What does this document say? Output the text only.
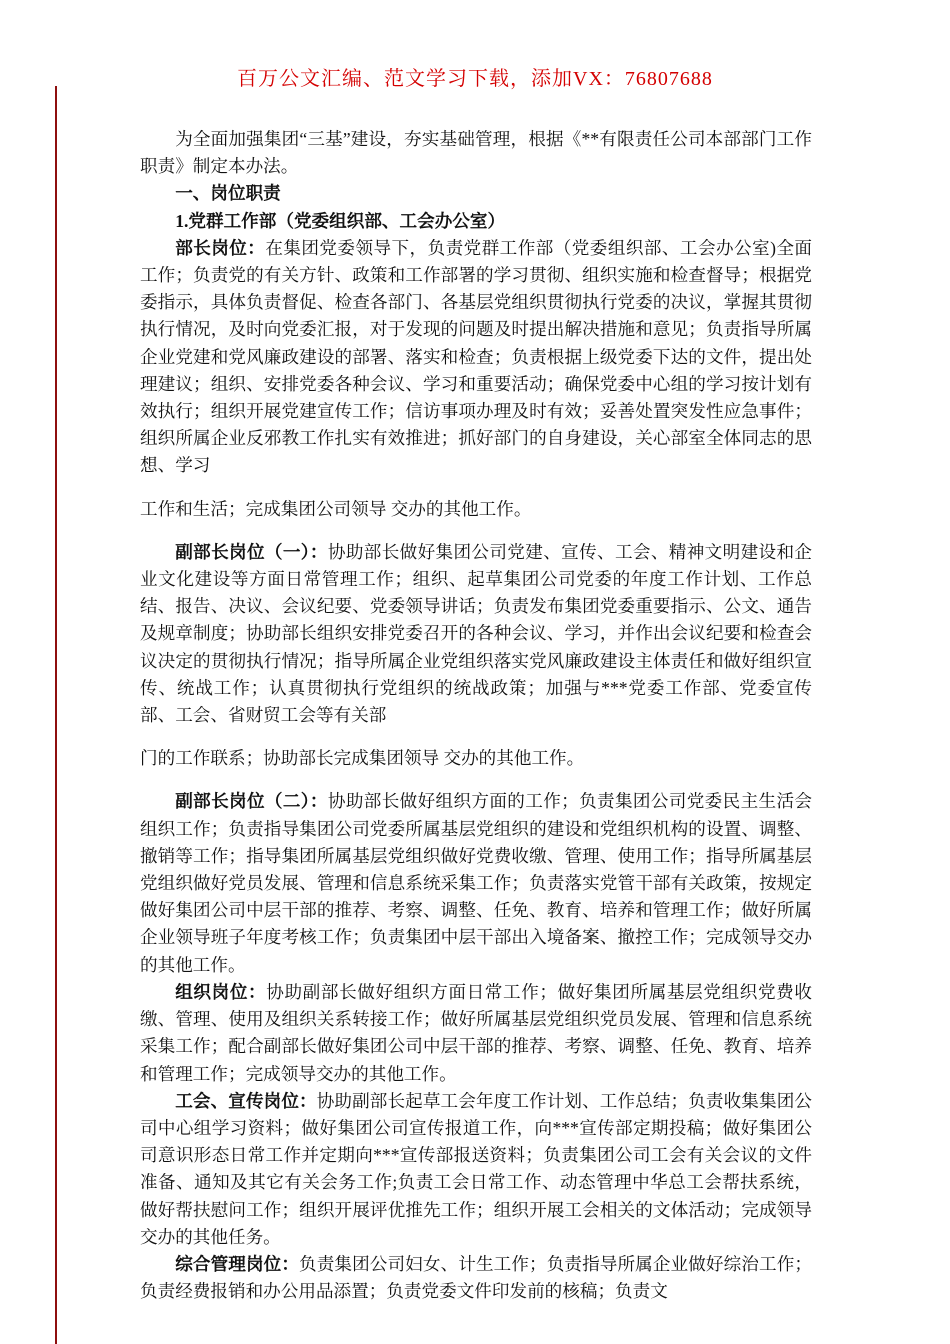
百万公文汇编、范文学习下载，添加VX：76807688

为全面加强集团“三基”建设，夯实基础管理，根据《**有限责任公司本部部门工作职责》制定本办法。

一、岗位职责

1.党群工作部（党委组织部、工会办公室）

部长岗位：在集团党委领导下，负责党群工作部（党委组织部、工会办公室)全面工作；负责党的有关方针、政策和工作部署的学习贯彻、组织实施和检查督导；根据党委指示，具体负责督促、检查各部门、各基层党组织贯彻执行党委的决议，掌握其贯彻执行情况，及时向党委汇报，对于发现的问题及时提出解决措施和意见；负责指导所属企业党建和党风廉政建设的部署、落实和检查；负责根据上级党委下达的文件，提出处理建议；组织、安排党委各种会议、学习和重要活动；确保党委中心组的学习按计划有效执行；组织开展党建宣传工作；信访事项办理及时有效；妥善处置突发性应急事件；组织所属企业反邪教工作扎实有效推进；抓好部门的自身建设，关心部室全体同志的思想、学习

工作和生活；完成集团公司领导 交办的其他工作。

副部长岗位（一）：协助部长做好集团公司党建、宣传、工会、精神文明建设和企业文化建设等方面日常管理工作；组织、起草集团公司党委的年度工作计划、工作总结、报告、决议、会议纪要、党委领导讲话；负责发布集团党委重要指示、公文、通告及规章制度；协助部长组织安排党委召开的各种会议、学习，并作出会议纪要和检查会议决定的贯彻执行情况；指导所属企业党组织落实党风廉政建设主体责任和做好组织宣传、统战工作；认真贯彻执行党组织的统战政策；加强与***党委工作部、党委宣传部、工会、省财贸工会等有关部

门的工作联系；协助部长完成集团领导 交办的其他工作。

副部长岗位（二）：协助部长做好组织方面的工作；负责集团公司党委民主生活会组织工作；负责指导集团公司党委所属基层党组织的建设和党组织机构的设置、调整、撤销等工作；指导集团所属基层党组织做好党费收缴、管理、使用工作；指导所属基层党组织做好党员发展、管理和信息系统采集工作；负责落实党管干部有关政策，按规定做好集团公司中层干部的推荐、考察、调整、任免、教育、培养和管理工作；做好所属企业领导班子年度考核工作；负责集团中层干部出入境备案、撤控工作；完成领导交办的其他工作。

组织岗位：协助副部长做好组织方面日常工作；做好集团所属基层党组织党费收缴、管理、使用及组织关系转接工作；做好所属基层党组织党员发展、管理和信息系统采集工作；配合副部长做好集团公司中层干部的推荐、考察、调整、任免、教育、培养和管理工作；完成领导交办的其他工作。

工会、宣传岗位：协助副部长起草工会年度工作计划、工作总结；负责收集集团公司中心组学习资料；做好集团公司宣传报道工作，向***宣传部定期投稿；做好集团公司意识形态日常工作并定期向***宣传部报送资料；负责集团公司工会有关会议的文件准备、通知及其它有关会务工作;负责工会日常工作、动态管理中华总工会帮扶系统，做好帮扶慰问工作；组织开展评优推先工作；组织开展工会相关的文体活动；完成领导交办的其他任务。

综合管理岗位：负责集团公司妇女、计生工作；负责指导所属企业做好综治工作；负责经费报销和办公用品添置；负责党委文件印发前的核稿；负责文
